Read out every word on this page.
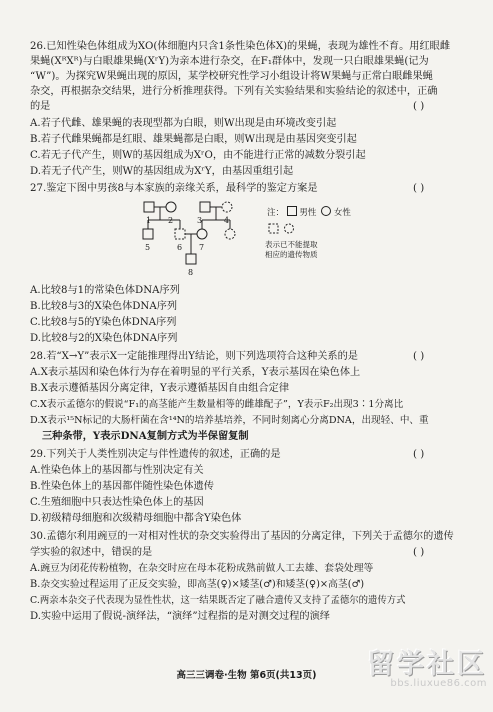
26.已知性染色体组成为XO(体细胞内只含1条性染色体X)的果蝇，表现为雄性不育。用红眼雌
果蝇(XᴿXᴿ)与白眼雄果蝇(XʳY)为亲本进行杂交，在F₁群体中，发现一只白眼雄果蝇(记为
“W”)。为探究W果蝇出现的原因，某学校研究性学习小组设计将W果蝇与正常白眼雌果蝇
杂交，再根据杂交结果，进行分析推理获得。下列有关实验结果和实验结论的叙述中，正确
的是	( )
A.若子代雌、雄果蝇的表现型都为白眼，则W出现是由环境改变引起
B.若子代雌果蝇都是红眼、雄果蝇都是白眼，则W出现是由基因突变引起
C.若无子代产生，则W的基因组成为XʳO，由不能进行正常的减数分裂引起
D.若无子代产生，则W的基因组成为XʳY，由基因重组引起
27.鉴定下图中男孩8与本家族的亲缘关系，最科学的鉴定方案是	( )
1 2	3	4
5	6 7
8
注： 男性 女性
表示已不能提取
相应的遗传物质
A.比较8与1的常染色体DNA序列
B.比较8与3的X染色体DNA序列
C.比较8与5的Y染色体DNA序列
D.比较8与2的X染色体DNA序列
28.若“X→Y”表示X一定能推理得出Y结论，则下列选项符合这种关系的是	( )
A.X表示基因和染色体行为存在着明显的平行关系，Y表示基因在染色体上
B.X表示遵循基因分离定律，Y表示遵循基因自由组合定律
C.X表示孟德尔的假说“F₁的高茎能产生数量相等的雌雄配子”，Y表示F₂出现3∶1分离比
D.X表示¹⁵N标记的大肠杆菌在含¹⁴N的培养基培养，不同时刻离心分离DNA，出现轻、中、重
三种条带，Y表示DNA复制方式为半保留复制
29.下列关于人类性别决定与伴性遗传的叙述，正确的是	( )
A.性染色体上的基因都与性别决定有关
B.性染色体上的基因都伴随性染色体遗传
C.生殖细胞中只表达性染色体上的基因
D.初级精母细胞和次级精母细胞中都含Y染色体
30.孟德尔利用豌豆的一对相对性状的杂交实验得出了基因的分离定律，下列关于孟德尔的遗传
学实验的叙述中，错误的是	( )
A.豌豆为闭花传粉植物，在杂交时应在母本花粉成熟前做人工去雄、套袋处理等
B.杂交实验过程运用了正反交实验，即高茎(♀)×矮茎(♂)和矮茎(♀)×高茎(♂)
C.两亲本杂交子代表现为显性性状，这一结果既否定了融合遗传又支持了孟德尔的遗传方式
D.实验中运用了假说-演绎法，“演绎”过程指的是对测交过程的演绎
高三三调卷·生物 第6页(共13页)	留学社区
bbs.liuxue86.com
